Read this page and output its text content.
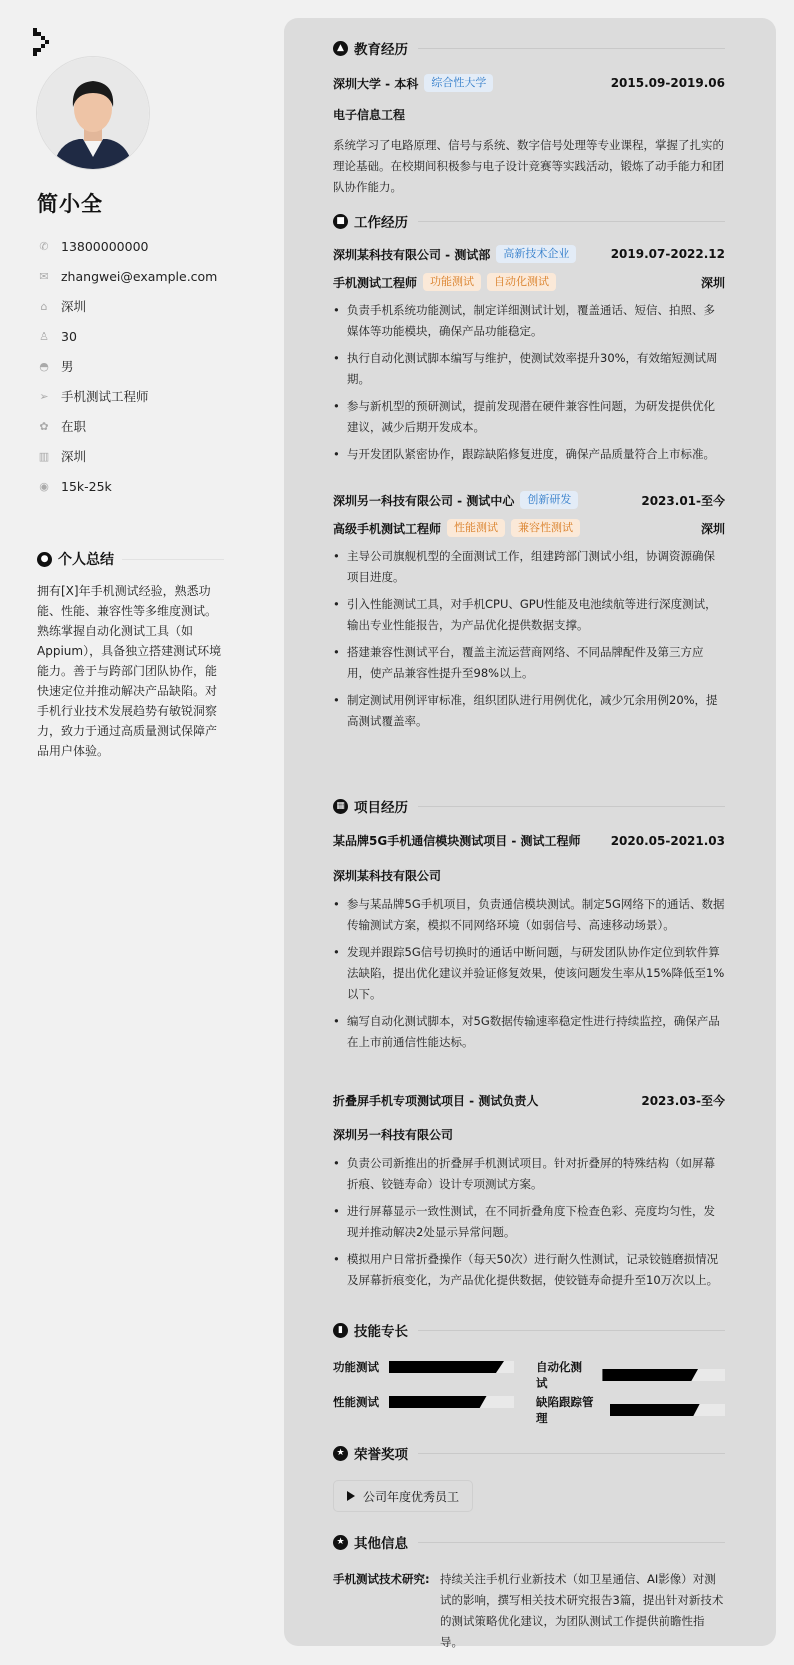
简小全
✆ 13800000000
✉ zhangwei@example.com
⌂ 深圳
♙ 30
◓ 男
➢ 手机测试工程师
✿ 在职
▥ 深圳
◉ 15k-25k
● 个人总结
拥有[X]年手机测试经验，熟悉功能、性能、兼容性等多维度测试。熟练掌握自动化测试工具（如Appium），具备独立搭建测试环境能力。善于与跨部门团队协作，能快速定位并推动解决产品缺陷。对手机行业技术发展趋势有敏锐洞察力，致力于通过高质量测试保障产品用户体验。
▲ 教育经历
深圳大学 - 本科	综合性大学	2015.09-2019.06
电子信息工程
系统学习了电路原理、信号与系统、数字信号处理等专业课程，掌握了扎实的理论基础。在校期间积极参与电子设计竞赛等实践活动，锻炼了动手能力和团队协作能力。
■ 工作经历
深圳某科技有限公司 - 测试部	高新技术企业	2019.07-2022.12
手机测试工程师	功能测试	自动化测试	深圳
• 负责手机系统功能测试，制定详细测试计划，覆盖通话、短信、拍照、多媒体等功能模块，确保产品功能稳定。
• 执行自动化测试脚本编写与维护，使测试效率提升30%，有效缩短测试周期。
• 参与新机型的预研测试，提前发现潜在硬件兼容性问题，为研发提供优化建议，减少后期开发成本。
• 与开发团队紧密协作，跟踪缺陷修复进度，确保产品质量符合上市标准。
深圳另一科技有限公司 - 测试中心	创新研发	2023.01-至今
高级手机测试工程师	性能测试	兼容性测试	深圳
• 主导公司旗舰机型的全面测试工作，组建跨部门测试小组，协调资源确保项目进度。
• 引入性能测试工具，对手机CPU、GPU性能及电池续航等进行深度测试，输出专业性能报告，为产品优化提供数据支撑。
• 搭建兼容性测试平台，覆盖主流运营商网络、不同品牌配件及第三方应用，使产品兼容性提升至98%以上。
• 制定测试用例评审标准，组织团队进行用例优化，减少冗余用例20%，提高测试覆盖率。
▦ 项目经历
某品牌5G手机通信模块测试项目 - 测试工程师	2020.05-2021.03
深圳某科技有限公司
• 参与某品牌5G手机项目，负责通信模块测试。制定5G网络下的通话、数据传输测试方案，模拟不同网络环境（如弱信号、高速移动场景）。
• 发现并跟踪5G信号切换时的通话中断问题，与研发团队协作定位到软件算法缺陷，提出优化建议并验证修复效果，使该问题发生率从15%降低至1%以下。
• 编写自动化测试脚本，对5G数据传输速率稳定性进行持续监控，确保产品在上市前通信性能达标。
折叠屏手机专项测试项目 - 测试负责人	2023.03-至今
深圳另一科技有限公司
• 负责公司新推出的折叠屏手机测试项目。针对折叠屏的特殊结构（如屏幕折痕、铰链寿命）设计专项测试方案。
• 进行屏幕显示一致性测试，在不同折叠角度下检查色彩、亮度均匀性，发现并推动解决2处显示异常问题。
• 模拟用户日常折叠操作（每天50次）进行耐久性测试，记录铰链磨损情况及屏幕折痕变化，为产品优化提供数据，使铰链寿命提升至10万次以上。
▮ 技能专长
功能测试	自动化测试
性能测试	缺陷跟踪管理
★ 荣誉奖项
公司年度优秀员工
★ 其他信息
手机测试技术研究: 持续关注手机行业新技术（如卫星通信、AI影像）对测试的影响，撰写相关技术研究报告3篇，提出针对新技术的测试策略优化建议，为团队测试工作提供前瞻性指导。
